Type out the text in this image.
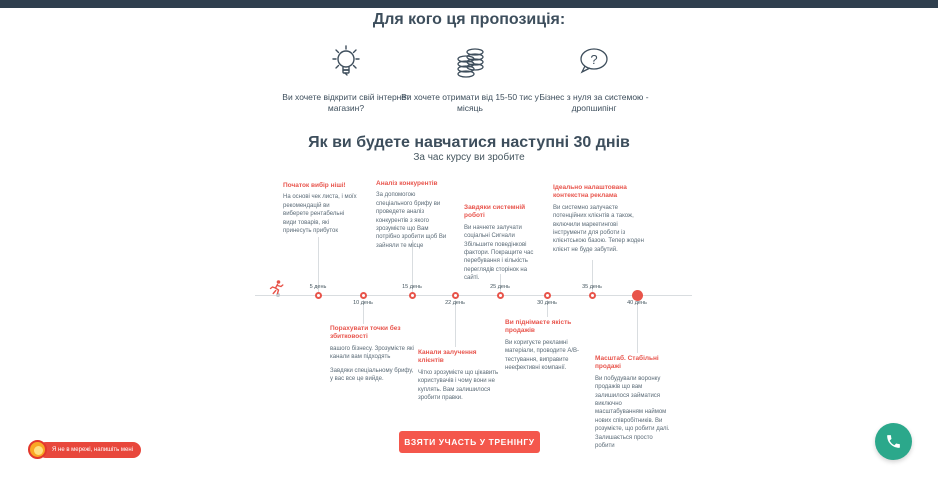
Для кого ця пропозиція:
Ви хочете відкрити свій інтернет магазин?
Ви хочете отримати від 15-50 тис у місяць
?
Бізнес з нуля за системою - дропшипінг
Як ви будете навчатися наступні 30 днів
За час курсу ви зробите
5 день
10 день
15 день
22 день
25 день
30 день
35 день
40 день
Початок вибір ніші!
На основі чек листа, і моїх рекомендацій ви виберете рентабельні види товарів, які принесуть прибуток
Аналіз конкурентів
За допомогою спеціального брифу ви проведете аналіз конкурентів з якого зрозумієте що Вам потрібно зробити щоб Ви зайняли те місце
Завдяки системній роботі
Ви начнете залучати соціальні Сигнали Збільшите поведінкові фактори. Покращите час перебування і кількість переглядів сторінок на сайті.
Ідеально налаштована контекстна реклама
Ви системно залучаєте потенційних клієнтів а також, включили маркетингові інструменти для роботи із клієнтською базою. Тепер жоден клієнт не буде забутий.
Порахувати точки без збитковості
вашого бізнесу. Зрозумієте які канали вам підходять
Завдяки спеціальному брифу, у вас все це вийде.
Канали залучення клієнтів
Чітко зрозумієте що цікавить користувачів і чому вони не куплять. Вам залишилося зробити правки.
Ви піднімаєте якість продажів
Ви коригуєте рекламні матеріали, проводите А/В-тестування, виправите неефективні компанії.
Масштаб. Стабільні продажі
Ви побудували воронку продажів що вам залишилося займатися виключно масштабуванням наймом нових співробітників. Ви розумієте, що робити далі. Залишається просто робити
ВЗЯТИ УЧАСТЬ У ТРЕНІНГУ
Я не в мережі, напишіть мені
